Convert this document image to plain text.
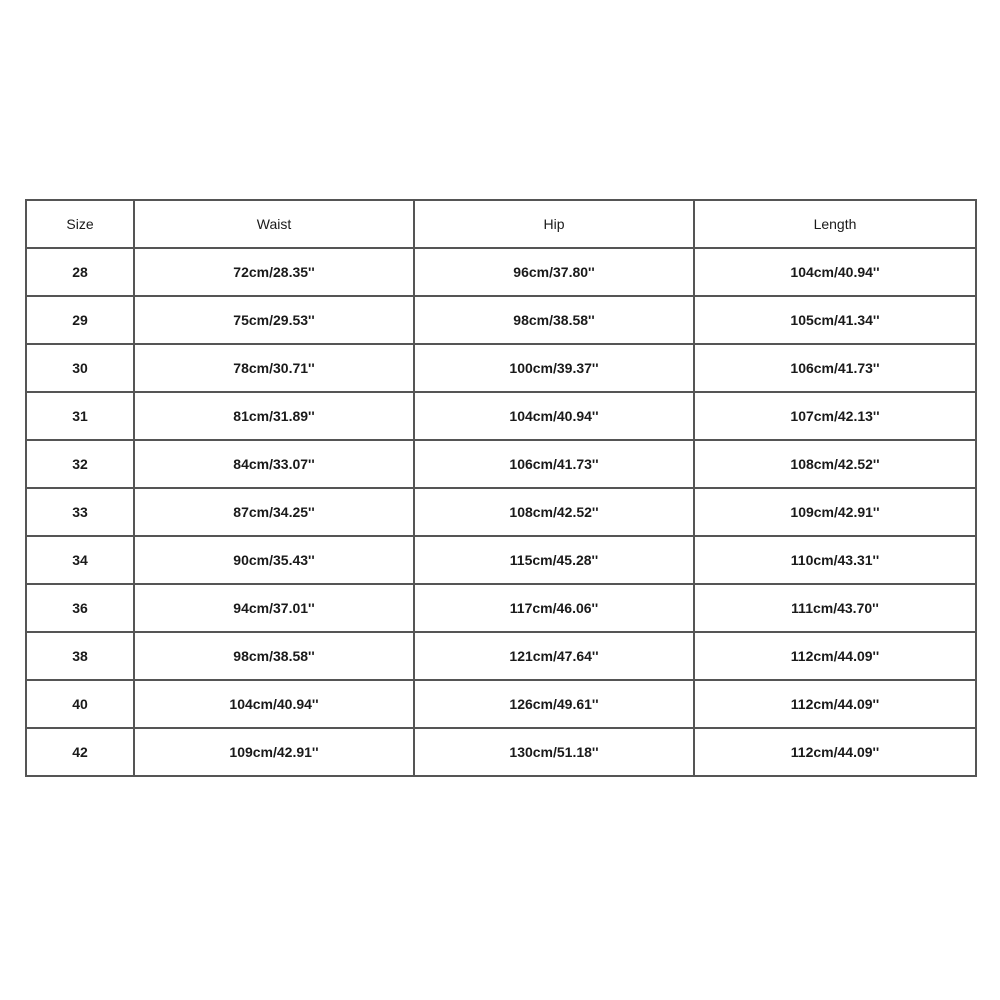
Size	Waist	Hip	Length
28	72cm/28.35''	96cm/37.80''	104cm/40.94''
29	75cm/29.53''	98cm/38.58''	105cm/41.34''
30	78cm/30.71''	100cm/39.37''	106cm/41.73''
31	81cm/31.89''	104cm/40.94''	107cm/42.13''
32	84cm/33.07''	106cm/41.73''	108cm/42.52''
33	87cm/34.25''	108cm/42.52''	109cm/42.91''
34	90cm/35.43''	115cm/45.28''	110cm/43.31''
36	94cm/37.01''	117cm/46.06''	111cm/43.70''
38	98cm/38.58''	121cm/47.64''	112cm/44.09''
40	104cm/40.94''	126cm/49.61''	112cm/44.09''
42	109cm/42.91''	130cm/51.18''	112cm/44.09''
